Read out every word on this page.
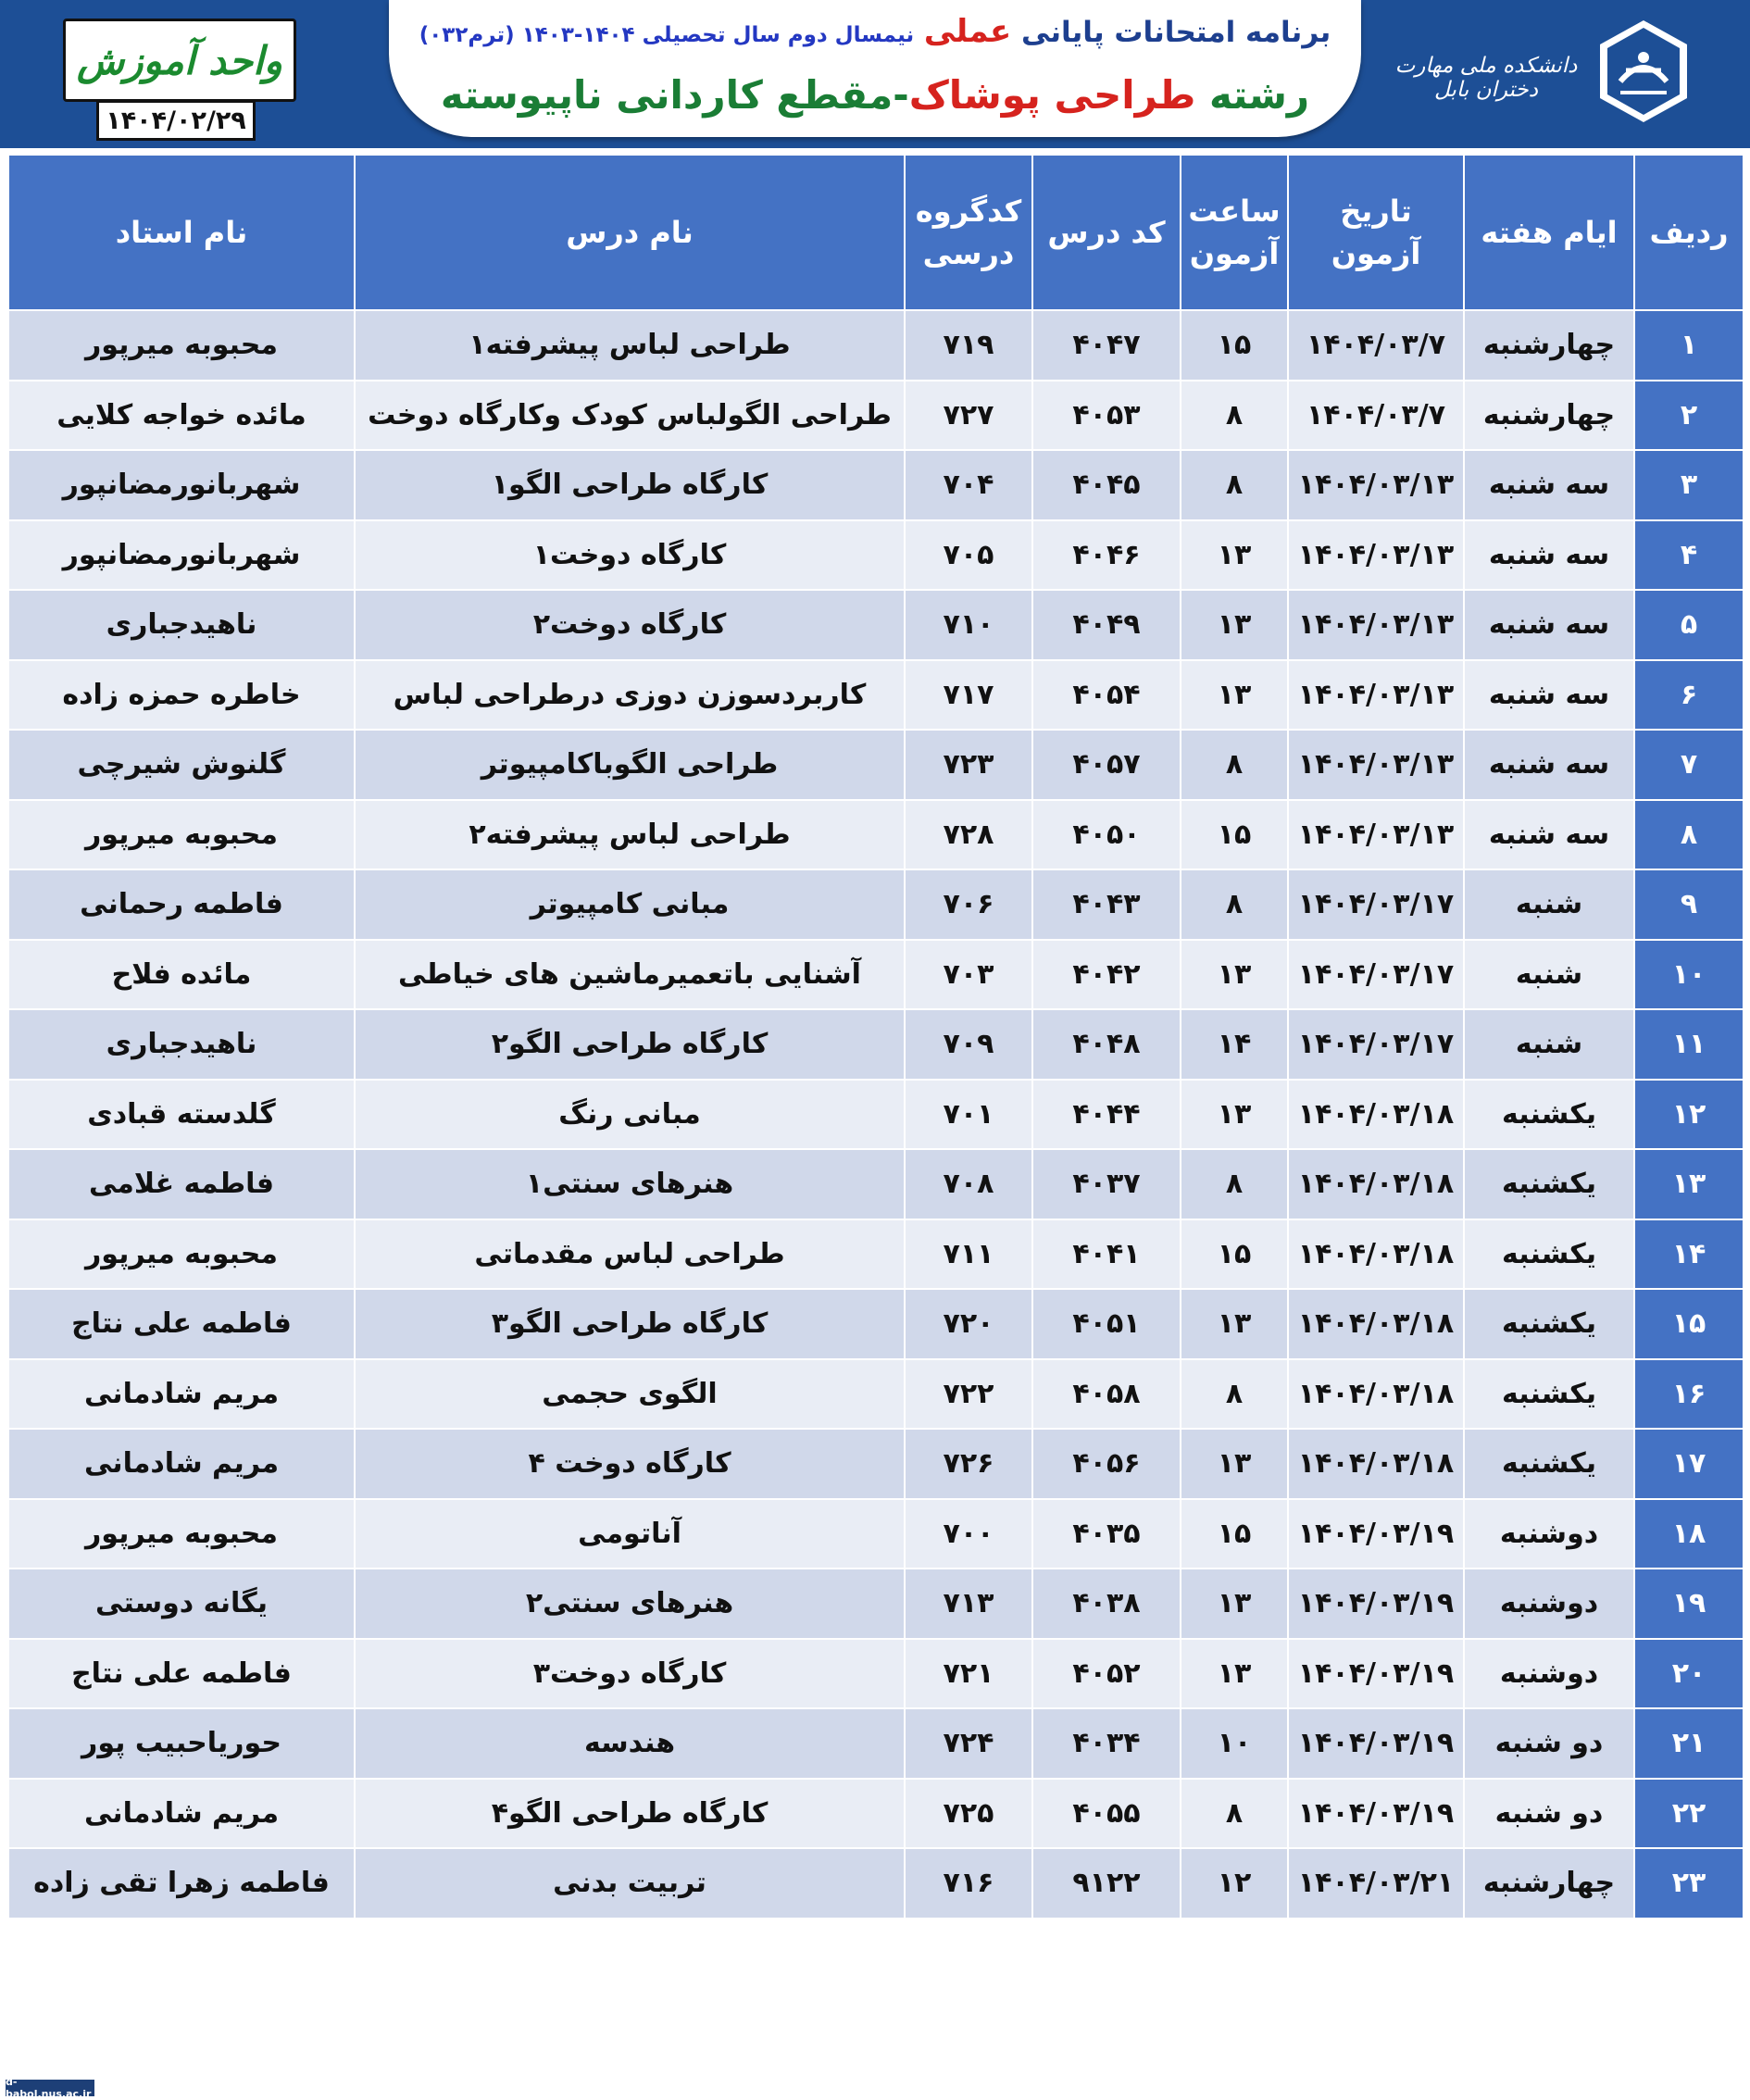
واحد آموزش
۱۴۰۴/۰۲/۲۹
برنامه امتحانات پایانی عملی نیمسال دوم سال تحصیلی ۱۴۰۴-۱۴۰۳ (ترم۰۳۲)
رشته طراحی پوشاک-مقطع کاردانی ناپیوسته
دانشکده ملی مهارت دختران بابل
ردیف	ایام هفته	تاریخ آزمون	ساعت آزمون	کد درس	کدگروه درسی	نام درس	نام استاد
۱	چهارشنبه	۱۴۰۴/۰۳/۷	۱۵	۴۰۴۷	۷۱۹	طراحی لباس پیشرفته۱	محبوبه میرپور
۲	چهارشنبه	۱۴۰۴/۰۳/۷	۸	۴۰۵۳	۷۲۷	طراحی الگولباس کودک وکارگاه دوخت	مائده خواجه کلایی
۳	سه شنبه	۱۴۰۴/۰۳/۱۳	۸	۴۰۴۵	۷۰۴	کارگاه طراحی الگو۱	شهربانورمضانپور
۴	سه شنبه	۱۴۰۴/۰۳/۱۳	۱۳	۴۰۴۶	۷۰۵	کارگاه دوخت۱	شهربانورمضانپور
۵	سه شنبه	۱۴۰۴/۰۳/۱۳	۱۳	۴۰۴۹	۷۱۰	کارگاه دوخت۲	ناهیدجباری
۶	سه شنبه	۱۴۰۴/۰۳/۱۳	۱۳	۴۰۵۴	۷۱۷	کاربردسوزن دوزی درطراحی لباس	خاطره حمزه زاده
۷	سه شنبه	۱۴۰۴/۰۳/۱۳	۸	۴۰۵۷	۷۲۳	طراحی الگوباکامپیوتر	گلنوش شیرچی
۸	سه شنبه	۱۴۰۴/۰۳/۱۳	۱۵	۴۰۵۰	۷۲۸	طراحی لباس پیشرفته۲	محبوبه میرپور
۹	شنبه	۱۴۰۴/۰۳/۱۷	۸	۴۰۴۳	۷۰۶	مبانی کامپیوتر	فاطمه رحمانی
۱۰	شنبه	۱۴۰۴/۰۳/۱۷	۱۳	۴۰۴۲	۷۰۳	آشنایی باتعمیرماشین های خیاطی	مائده فلاح
۱۱	شنبه	۱۴۰۴/۰۳/۱۷	۱۴	۴۰۴۸	۷۰۹	کارگاه طراحی الگو۲	ناهیدجباری
۱۲	یکشنبه	۱۴۰۴/۰۳/۱۸	۱۳	۴۰۴۴	۷۰۱	مبانی رنگ	گلدسته قبادی
۱۳	یکشنبه	۱۴۰۴/۰۳/۱۸	۸	۴۰۳۷	۷۰۸	هنرهای سنتی۱	فاطمه غلامی
۱۴	یکشنبه	۱۴۰۴/۰۳/۱۸	۱۵	۴۰۴۱	۷۱۱	طراحی لباس مقدماتی	محبوبه میرپور
۱۵	یکشنبه	۱۴۰۴/۰۳/۱۸	۱۳	۴۰۵۱	۷۲۰	کارگاه طراحی الگو۳	فاطمه علی نتاج
۱۶	یکشنبه	۱۴۰۴/۰۳/۱۸	۸	۴۰۵۸	۷۲۲	الگوی حجمی	مریم شادمانی
۱۷	یکشنبه	۱۴۰۴/۰۳/۱۸	۱۳	۴۰۵۶	۷۲۶	کارگاه دوخت ۴	مریم شادمانی
۱۸	دوشنبه	۱۴۰۴/۰۳/۱۹	۱۵	۴۰۳۵	۷۰۰	آناتومی	محبوبه میرپور
۱۹	دوشنبه	۱۴۰۴/۰۳/۱۹	۱۳	۴۰۳۸	۷۱۳	هنرهای سنتی۲	یگانه دوستی
۲۰	دوشنبه	۱۴۰۴/۰۳/۱۹	۱۳	۴۰۵۲	۷۲۱	کارگاه دوخت۳	فاطمه علی نتاج
۲۱	دو شنبه	۱۴۰۴/۰۳/۱۹	۱۰	۴۰۳۴	۷۲۴	هندسه	حوریاحبیب پور
۲۲	دو شنبه	۱۴۰۴/۰۳/۱۹	۸	۴۰۵۵	۷۲۵	کارگاه طراحی الگو۴	مریم شادمانی
۲۳	چهارشنبه	۱۴۰۴/۰۳/۲۱	۱۲	۹۱۲۲	۷۱۶	تربیت بدنی	فاطمه زهرا تقی زاده
d-babol.nus.ac.ir
